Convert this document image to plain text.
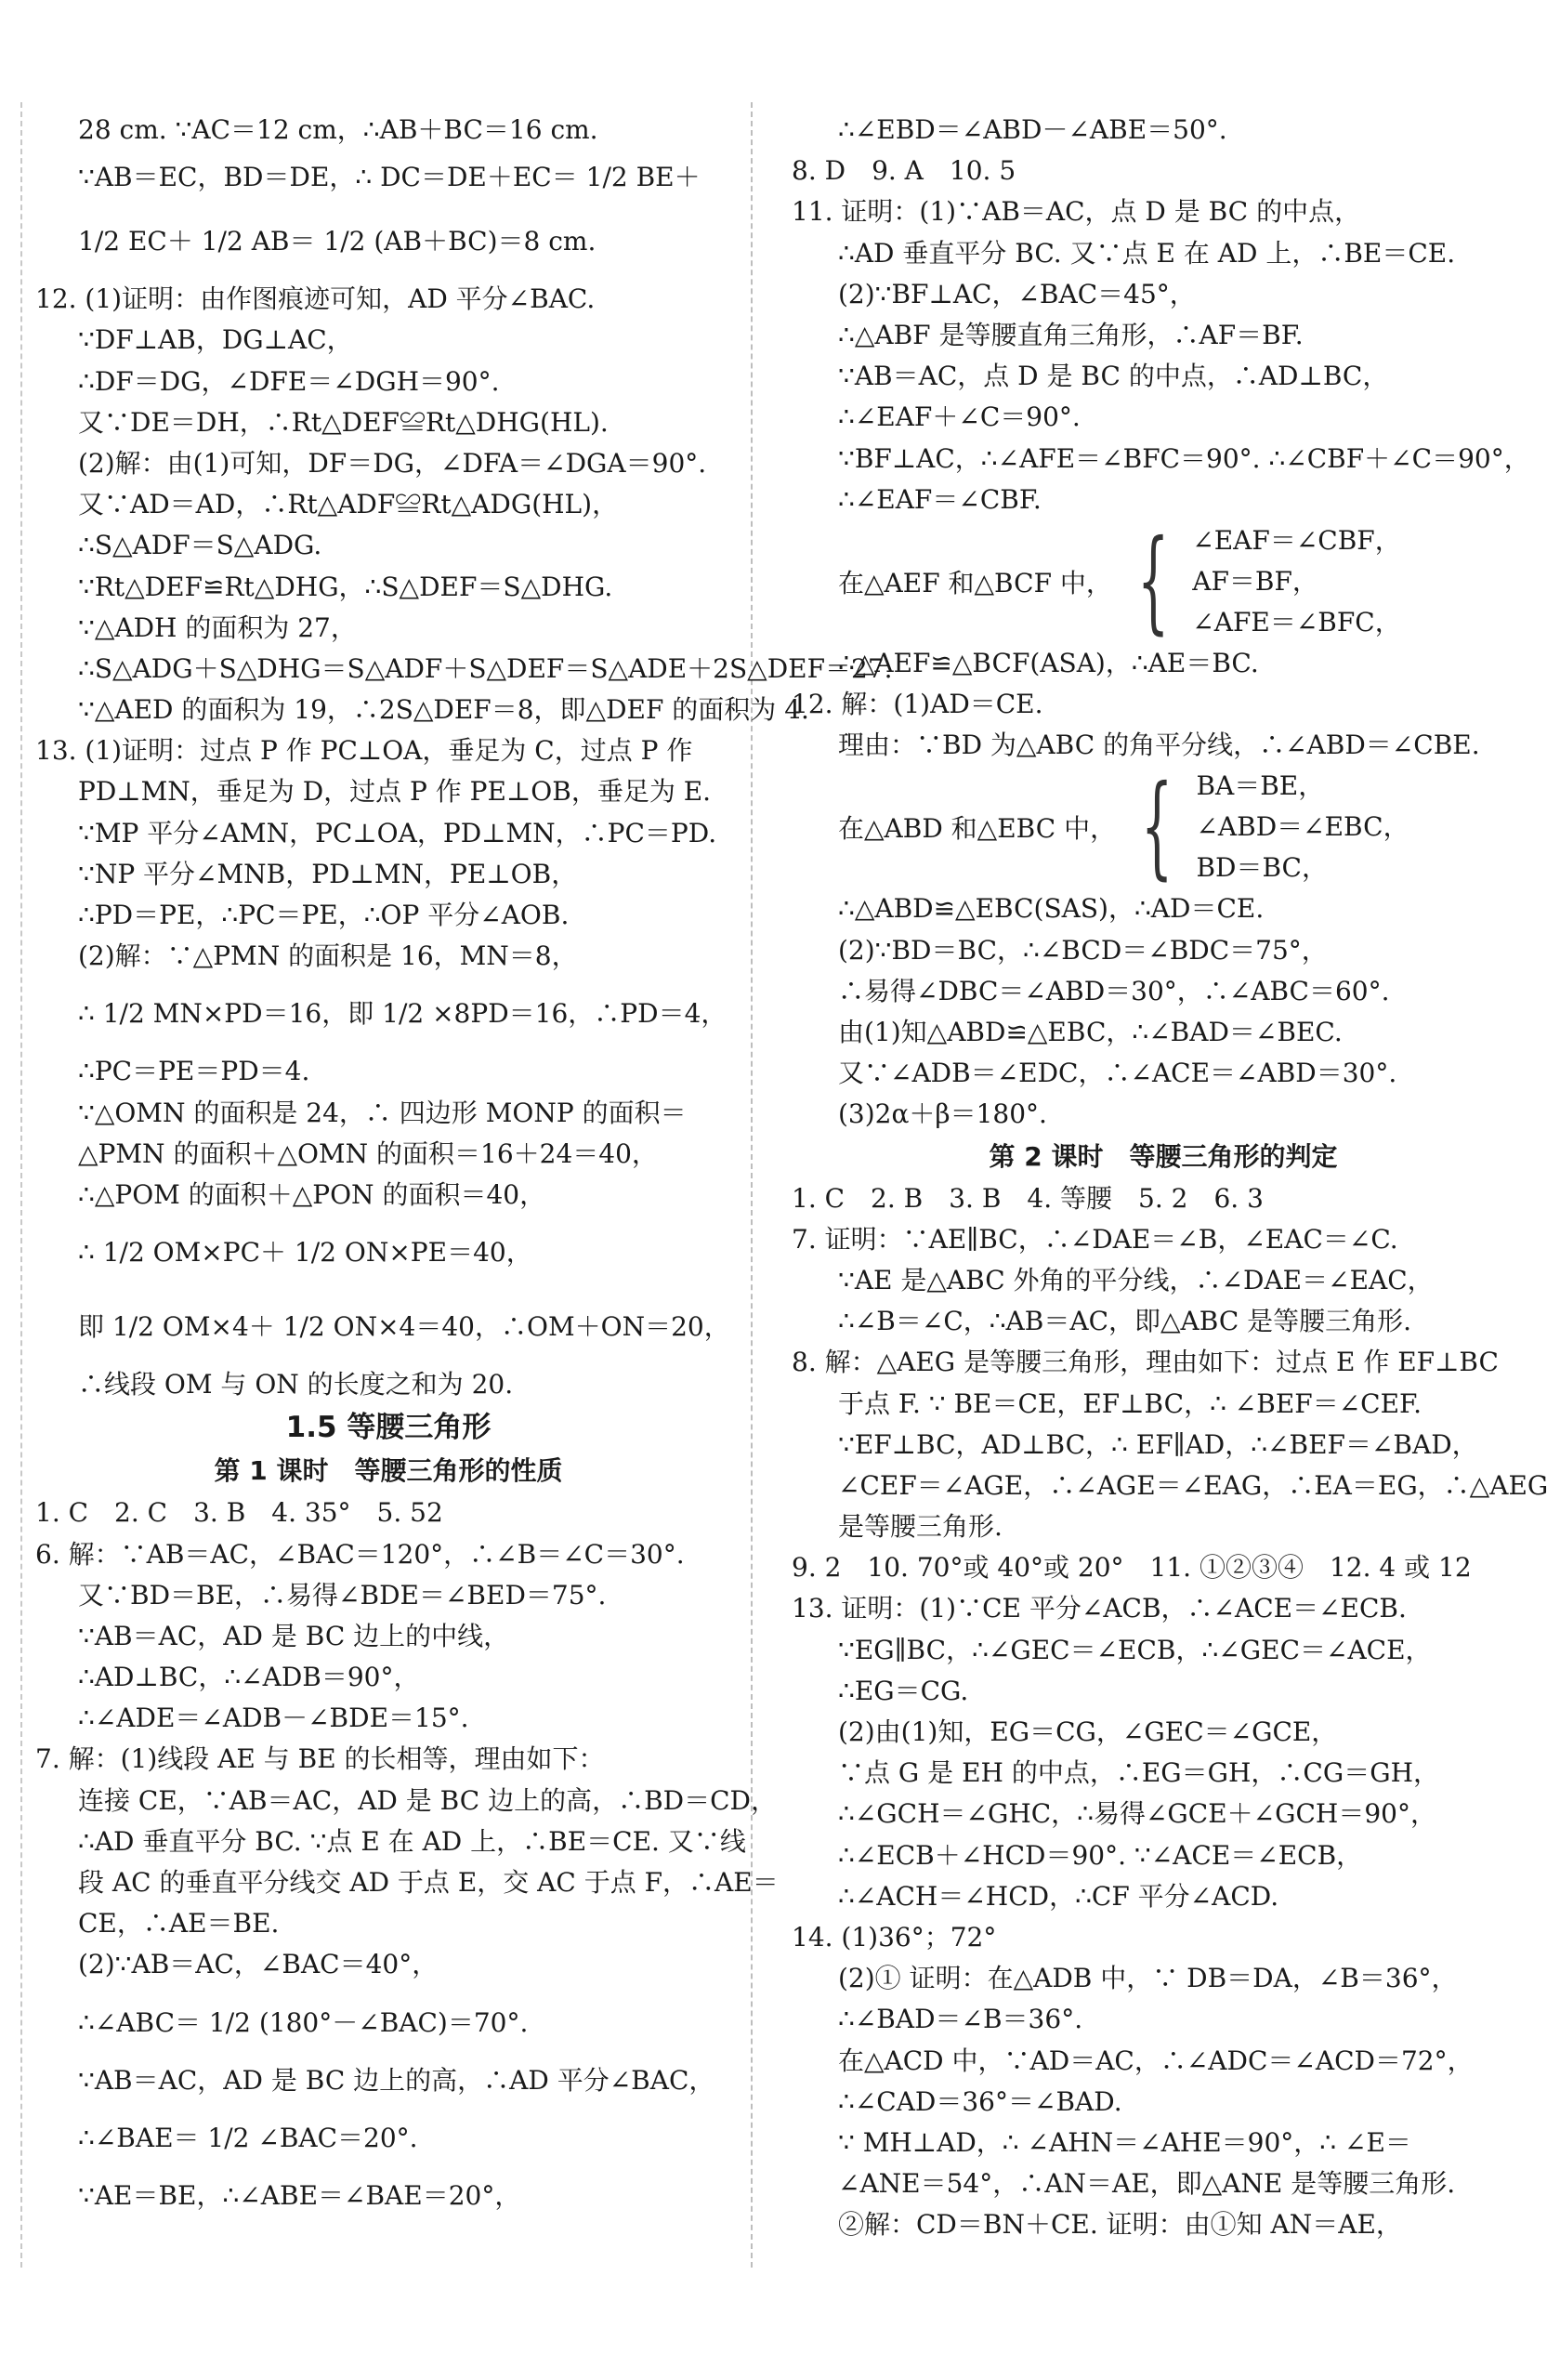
28 cm. ∵AC＝12 cm，∴AB＋BC＝16 cm.
∵AB＝EC，BD＝DE，∴ DC＝DE＋EC＝ 1/2 BE＋
1/2 EC＋ 1/2 AB＝ 1/2 (AB＋BC)＝8 cm.
12. (1)证明：由作图痕迹可知，AD 平分∠BAC.
∵DF⊥AB，DG⊥AC，
∴DF＝DG，∠DFE＝∠DGH＝90°.
又∵DE＝DH，∴Rt△DEF≌Rt△DHG(HL).
(2)解：由(1)可知，DF＝DG，∠DFA＝∠DGA＝90°.
又∵AD＝AD，∴Rt△ADF≌Rt△ADG(HL)，
∴S△ADF＝S△ADG.
∵Rt△DEF≌Rt△DHG，∴S△DEF＝S△DHG.
∵△ADH 的面积为 27，
∴S△ADG＋S△DHG＝S△ADF＋S△DEF＝S△ADE＋2S△DEF＝27.
∵△AED 的面积为 19，∴2S△DEF＝8，即△DEF 的面积为 4.
13. (1)证明：过点 P 作 PC⊥OA，垂足为 C，过点 P 作
PD⊥MN，垂足为 D，过点 P 作 PE⊥OB，垂足为 E.
∵MP 平分∠AMN，PC⊥OA，PD⊥MN，∴PC＝PD.
∵NP 平分∠MNB，PD⊥MN，PE⊥OB，
∴PD＝PE，∴PC＝PE，∴OP 平分∠AOB.
(2)解：∵△PMN 的面积是 16，MN＝8，
∴ 1/2 MN×PD＝16，即 1/2 ×8PD＝16，∴PD＝4，
∴PC＝PE＝PD＝4.
∵△OMN 的面积是 24，∴ 四边形 MONP 的面积＝
△PMN 的面积＋△OMN 的面积＝16＋24＝40，
∴△POM 的面积＋△PON 的面积＝40，
∴ 1/2 OM×PC＋ 1/2 ON×PE＝40，
即 1/2 OM×4＋ 1/2 ON×4＝40，∴OM＋ON＝20，
∴线段 OM 与 ON 的长度之和为 20.
1.5 等腰三角形
第 1 课时　等腰三角形的性质
1. C　2. C　3. B　4. 35°　5. 52
6. 解：∵AB＝AC，∠BAC＝120°，∴∠B＝∠C＝30°.
又∵BD＝BE，∴易得∠BDE＝∠BED＝75°.
∵AB＝AC，AD 是 BC 边上的中线，
∴AD⊥BC，∴∠ADB＝90°，
∴∠ADE＝∠ADB－∠BDE＝15°.
7. 解：(1)线段 AE 与 BE 的长相等，理由如下：
连接 CE，∵AB＝AC，AD 是 BC 边上的高，∴BD＝CD，
∴AD 垂直平分 BC. ∵点 E 在 AD 上，∴BE＝CE. 又∵线
段 AC 的垂直平分线交 AD 于点 E，交 AC 于点 F，∴AE＝
CE，∴AE＝BE.
(2)∵AB＝AC，∠BAC＝40°，
∴∠ABC＝ 1/2 (180°－∠BAC)＝70°.
∵AB＝AC，AD 是 BC 边上的高，∴AD 平分∠BAC，
∴∠BAE＝ 1/2 ∠BAC＝20°.
∵AE＝BE，∴∠ABE＝∠BAE＝20°，
∴∠EBD＝∠ABD－∠ABE＝50°.
8. D　9. A　10. 5
11. 证明：(1)∵AB＝AC，点 D 是 BC 的中点，
∴AD 垂直平分 BC. 又∵点 E 在 AD 上，∴BE＝CE.
(2)∵BF⊥AC，∠BAC＝45°，
∴△ABF 是等腰直角三角形，∴AF＝BF.
∵AB＝AC，点 D 是 BC 的中点，∴AD⊥BC，
∴∠EAF＋∠C＝90°.
∵BF⊥AC，∴∠AFE＝∠BFC＝90°. ∴∠CBF＋∠C＝90°，
∴∠EAF＝∠CBF.
在△AEF 和△BCF 中， { ∠EAF＝∠CBF，
AF＝BF，
∠AFE＝∠BFC，
∴△AEF≌△BCF(ASA)，∴AE＝BC.
12. 解：(1)AD＝CE.
理由：∵BD 为△ABC 的角平分线，∴∠ABD＝∠CBE.
在△ABD 和△EBC 中， { BA＝BE，
∠ABD＝∠EBC，
BD＝BC，
∴△ABD≌△EBC(SAS)，∴AD＝CE.
(2)∵BD＝BC，∴∠BCD＝∠BDC＝75°，
∴易得∠DBC＝∠ABD＝30°，∴∠ABC＝60°.
由(1)知△ABD≌△EBC，∴∠BAD＝∠BEC.
又∵∠ADB＝∠EDC，∴∠ACE＝∠ABD＝30°.
(3)2α＋β＝180°.
第 2 课时　等腰三角形的判定
1. C　2. B　3. B　4. 等腰　5. 2　6. 3
7. 证明：∵AE∥BC，∴∠DAE＝∠B，∠EAC＝∠C.
∵AE 是△ABC 外角的平分线，∴∠DAE＝∠EAC，
∴∠B＝∠C，∴AB＝AC，即△ABC 是等腰三角形.
8. 解：△AEG 是等腰三角形，理由如下：过点 E 作 EF⊥BC
于点 F. ∵ BE＝CE，EF⊥BC，∴ ∠BEF＝∠CEF.
∵EF⊥BC，AD⊥BC，∴ EF∥AD，∴∠BEF＝∠BAD，
∠CEF＝∠AGE，∴∠AGE＝∠EAG，∴EA＝EG，∴△AEG
是等腰三角形.
9. 2　10. 70°或 40°或 20°　11. ①②③④　12. 4 或 12
13. 证明：(1)∵CE 平分∠ACB，∴∠ACE＝∠ECB.
∵EG∥BC，∴∠GEC＝∠ECB，∴∠GEC＝∠ACE，
∴EG＝CG.
(2)由(1)知，EG＝CG，∠GEC＝∠GCE，
∵点 G 是 EH 的中点，∴EG＝GH，∴CG＝GH，
∴∠GCH＝∠GHC，∴易得∠GCE＋∠GCH＝90°，
∴∠ECB＋∠HCD＝90°. ∵∠ACE＝∠ECB，
∴∠ACH＝∠HCD，∴CF 平分∠ACD.
14. (1)36°；72°
(2)① 证明：在△ADB 中，∵ DB＝DA，∠B＝36°，
∴∠BAD＝∠B＝36°.
在△ACD 中，∵AD＝AC，∴∠ADC＝∠ACD＝72°，
∴∠CAD＝36°＝∠BAD.
∵ MH⊥AD，∴ ∠AHN＝∠AHE＝90°，∴ ∠E＝
∠ANE＝54°，∴AN＝AE，即△ANE 是等腰三角形.
②解：CD＝BN＋CE. 证明：由①知 AN＝AE，
